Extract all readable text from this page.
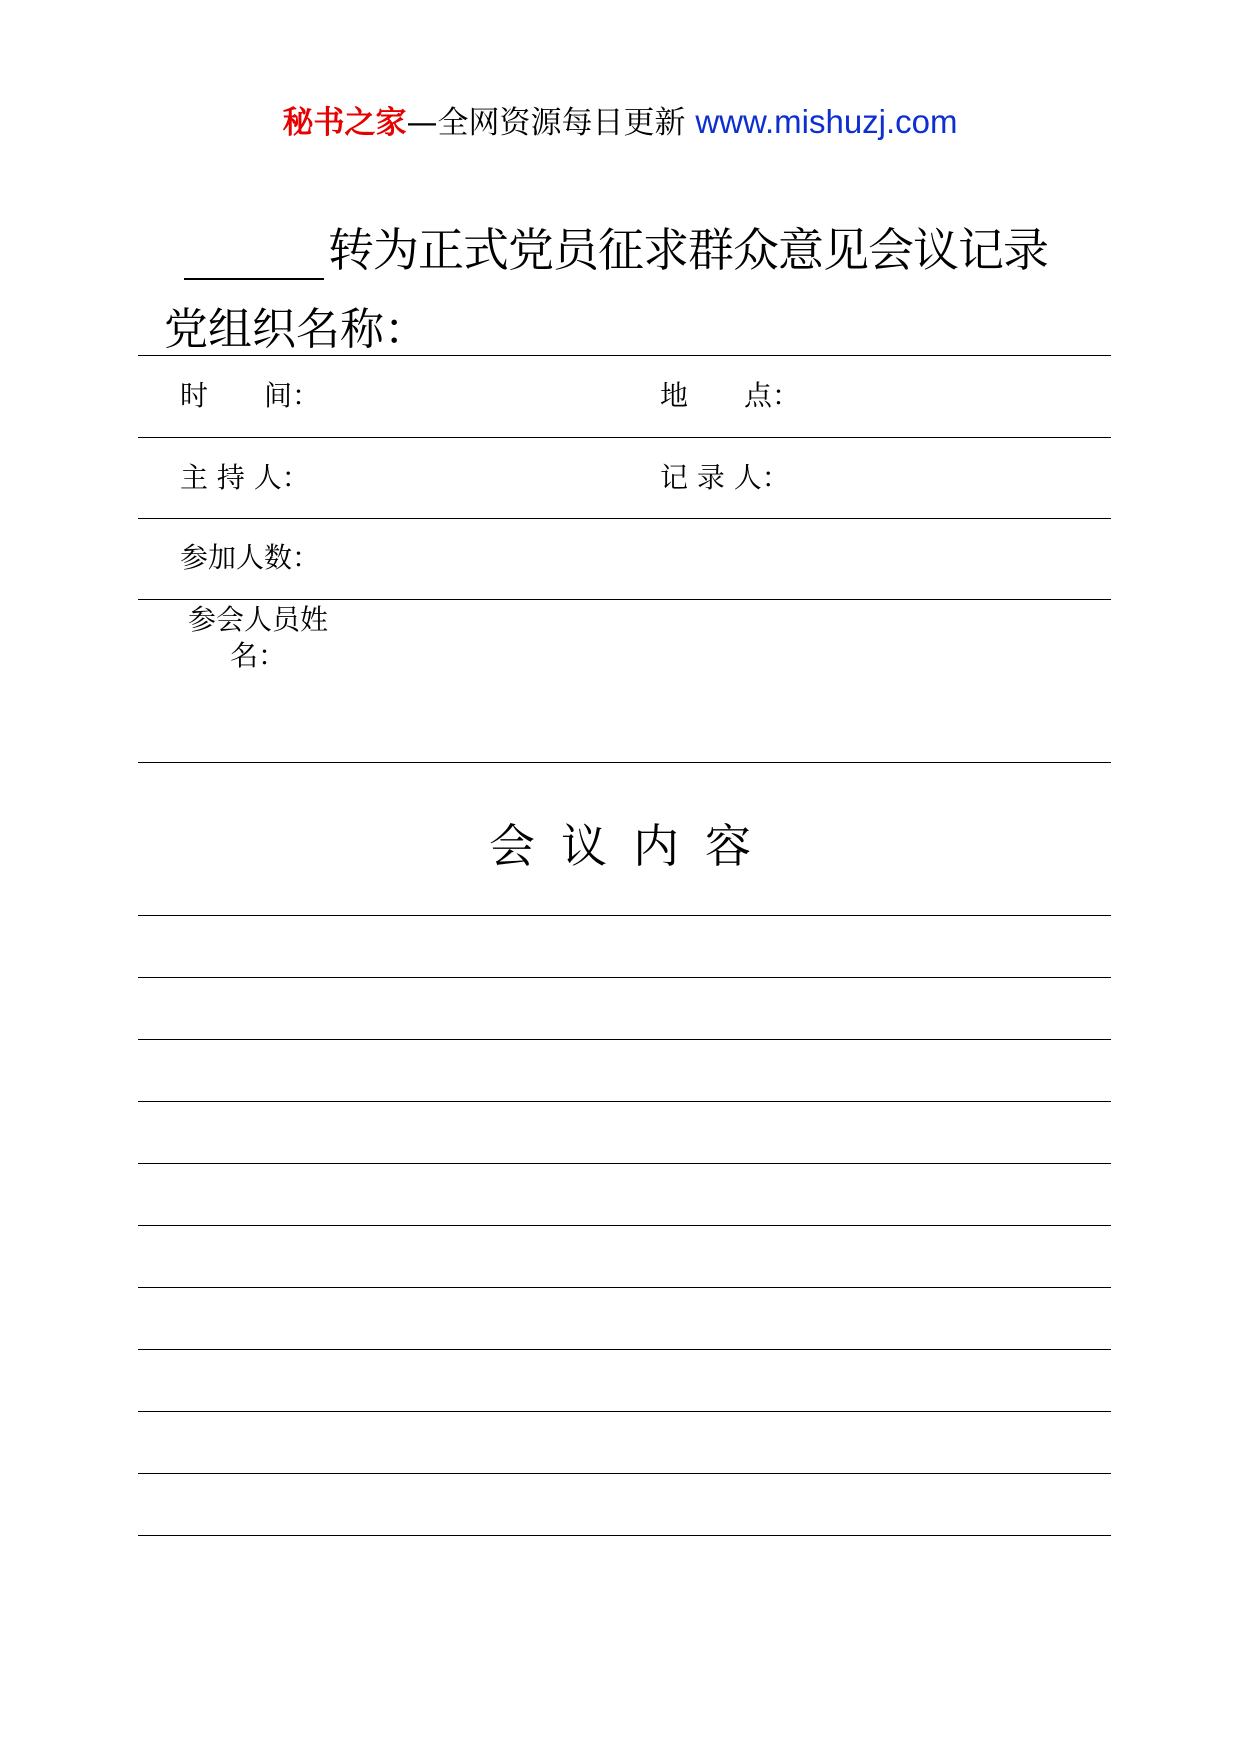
秘书之家—全网资源每日更新 www.mishuzj.com
转为正式党员征求群众意见会议记录
党组织名称：
时　　间：	地　　点：
主 持 人：	记 录 人：
参加人数：
参会人员姓名：
会议内容
